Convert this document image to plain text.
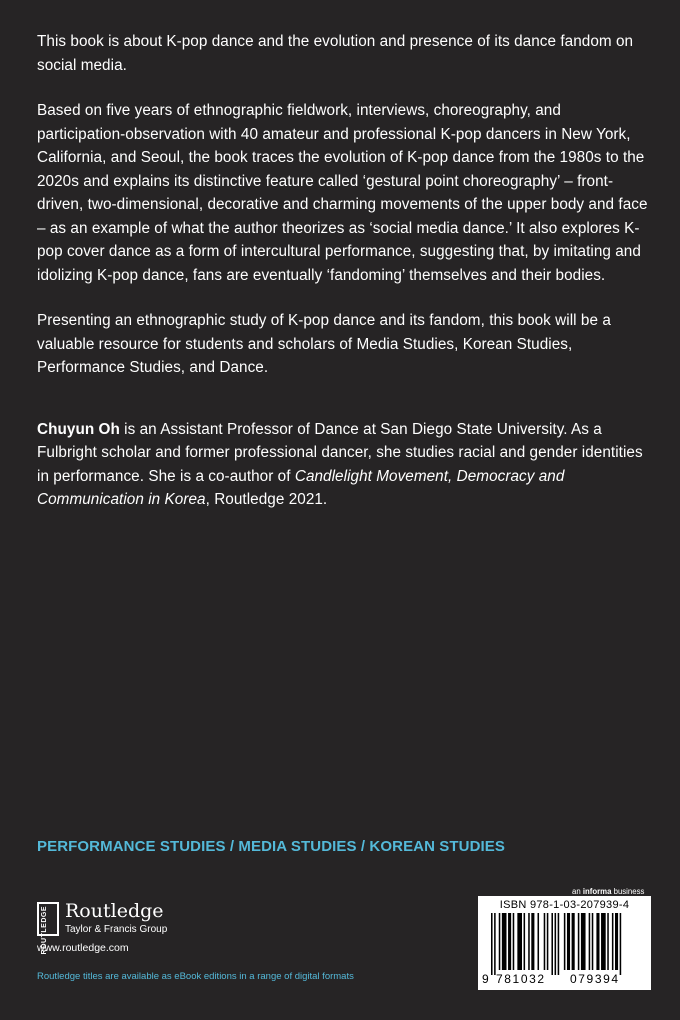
This book is about K-pop dance and the evolution and presence of its dance fandom on social media.

Based on five years of ethnographic fieldwork, interviews, choreography, and participation-observation with 40 amateur and professional K-pop dancers in New York, California, and Seoul, the book traces the evolution of K-pop dance from the 1980s to the 2020s and explains its distinctive feature called ‘gestural point choreography’ – front-driven, two-dimensional, decorative and charming movements of the upper body and face – as an example of what the author theorizes as ‘social media dance.’ It also explores K-pop cover dance as a form of intercultural performance, suggesting that, by imitating and idolizing K-pop dance, fans are eventually ‘fandoming’ themselves and their bodies.

Presenting an ethnographic study of K-pop dance and its fandom, this book will be a valuable resource for students and scholars of Media Studies, Korean Studies, Performance Studies, and Dance.

Chuyun Oh is an Assistant Professor of Dance at San Diego State University. As a Fulbright scholar and former professional dancer, she studies racial and gender identities in performance. She is a co-author of Candlelight Movement, Democracy and Communication in Korea, Routledge 2021.

PERFORMANCE STUDIES / MEDIA STUDIES / KOREAN STUDIES
ROUTLEDGE Routledge
Taylor & Francis Group
www.routledge.com
Routledge titles are available as eBook editions in a range of digital formats
an informa business
ISBN 978-1-03-207939-4
9 781032 079394
